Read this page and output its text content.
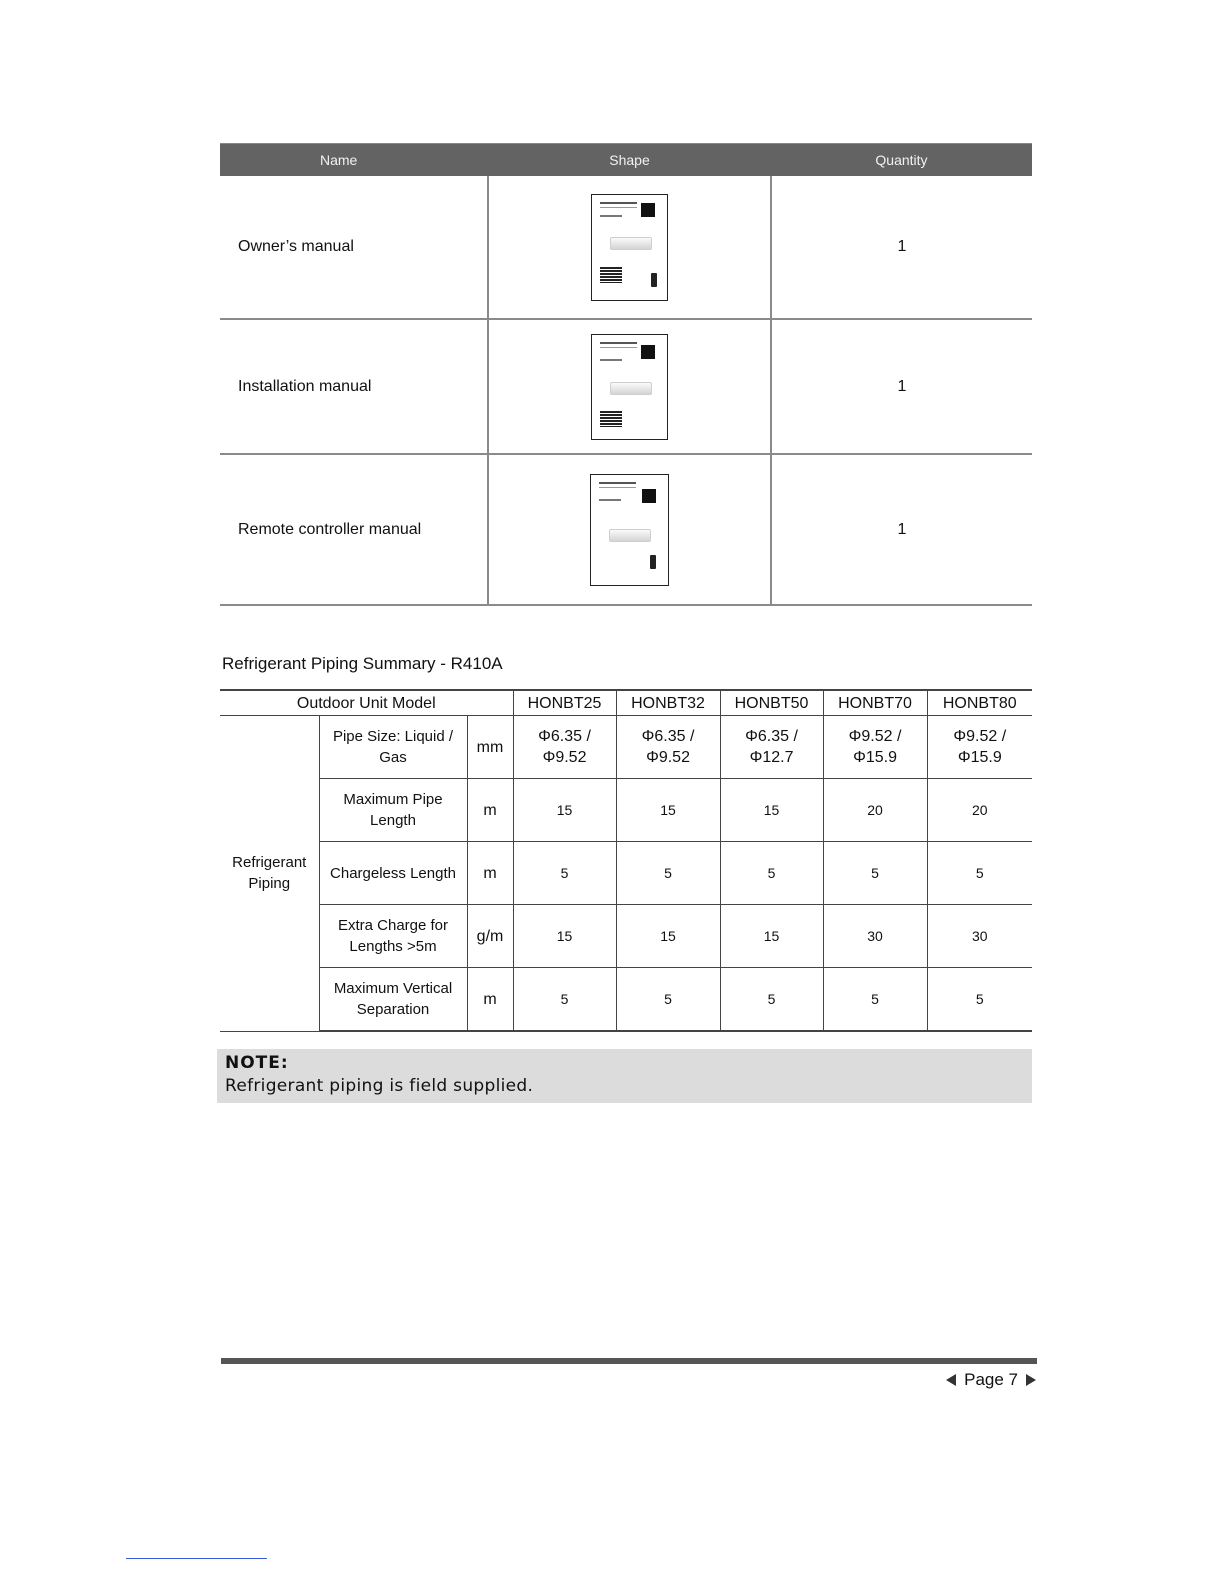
Name	Shape	Quantity
Owner’s manual		1
Installation manual		1
Remote controller manual		1
Refrigerant Piping Summary - R410A
Outdoor Unit Model			HONBT25	HONBT32	HONBT50	HONBT70	HONBT80

Refrigerant Piping	Pipe Size: Liquid / Gas	mm	Φ6.35 / Φ9.52	Φ6.35 / Φ9.52	Φ6.35 / Φ12.7	Φ9.52 / Φ15.9	Φ9.52 / Φ15.9

	Maximum Pipe Length	m	15	15	15	20	20
	Chargeless Length	m	5	5	5	5	5

	Extra Charge for Lengths >5m	g/m	15	15	15	30	30

	Maximum Vertical Separation	m	5	5	5	5	5
NOTE:
Refrigerant piping is field supplied.
Page 7
